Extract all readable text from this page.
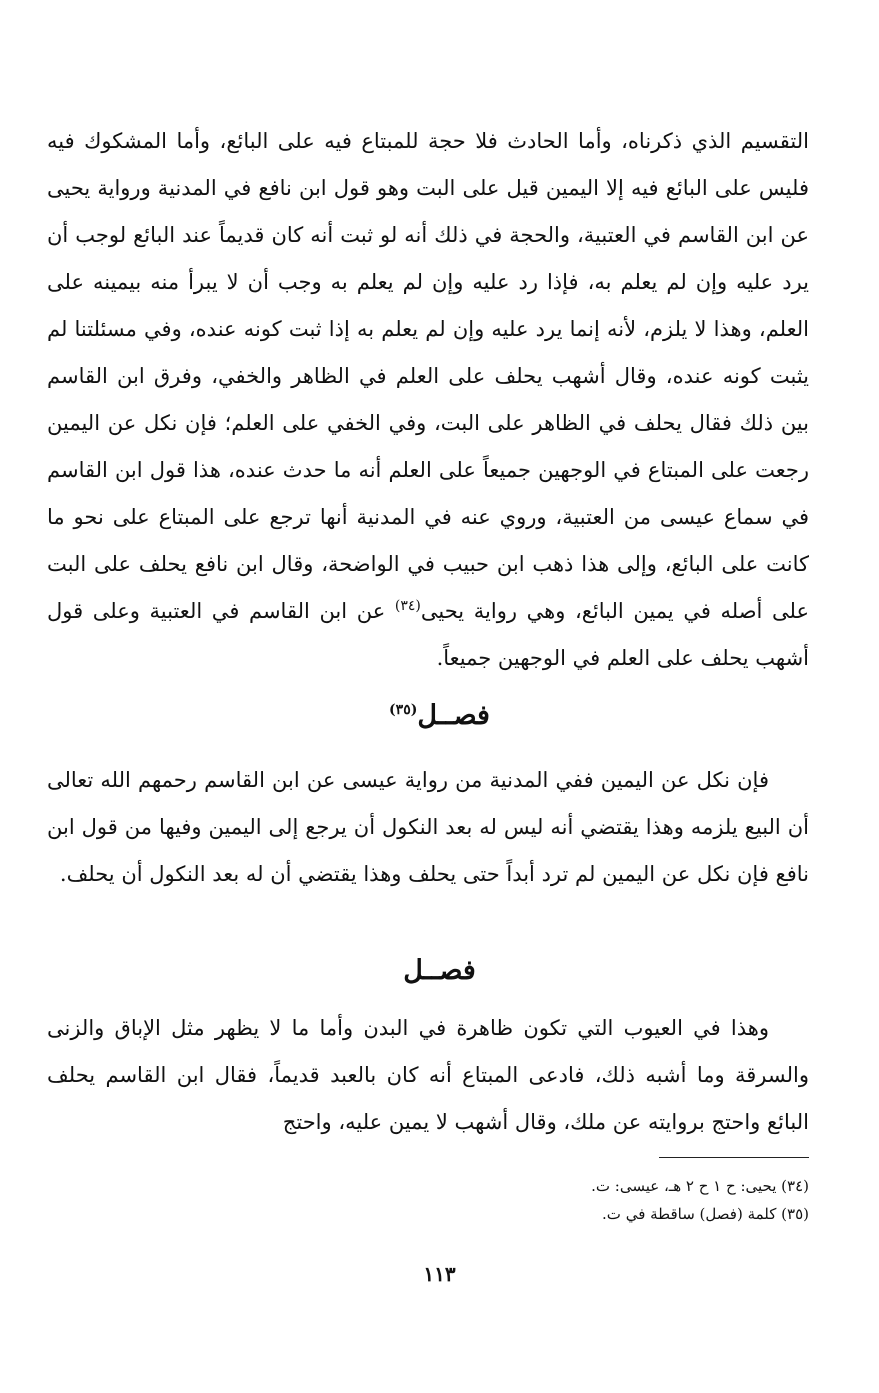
التقسيم الذي ذكرناه، وأما الحادث فلا حجة للمبتاع فيه على البائع، وأما المشكوك فيه فليس على البائع فيه إلا اليمين قيل على البت وهو قول ابن نافع في المدنية ورواية يحيى عن ابن القاسم في العتبية، والحجة في ذلك أنه لو ثبت أنه كان قديماً عند البائع لوجب أن يرد عليه وإن لم يعلم به، فإذا رد عليه وإن لم يعلم به وجب أن لا يبرأ منه بيمينه على العلم، وهذا لا يلزم، لأنه إنما يرد عليه وإن لم يعلم به إذا ثبت كونه عنده، وفي مسئلتنا لم يثبت كونه عنده، وقال أشهب يحلف على العلم في الظاهر والخفي، وفرق ابن القاسم بين ذلك فقال يحلف في الظاهر على البت، وفي الخفي على العلم؛ فإن نكل عن اليمين رجعت على المبتاع في الوجهين جميعاً على العلم أنه ما حدث عنده، هذا قول ابن القاسم في سماع عيسى من العتبية، وروي عنه في المدنية أنها ترجع على المبتاع على نحو ما كانت على البائع، وإلى هذا ذهب ابن حبيب في الواضحة، وقال ابن نافع يحلف على البت على أصله في يمين البائع، وهي رواية يحيى$^{(٣٤)}$ عن ابن القاسم في العتبية وعلى قول أشهب يحلف على العلم في الوجهين جميعاً.
فصــل$^{(٣٥)}$
فإن نكل عن اليمين ففي المدنية من رواية عيسى عن ابن القاسم رحمهم الله تعالى أن البيع يلزمه وهذا يقتضي أنه ليس له بعد النكول أن يرجع إلى اليمين وفيها من قول ابن نافع فإن نكل عن اليمين لم ترد أبداً حتى يحلف وهذا يقتضي أن له بعد النكول أن يحلف.
فصــل
وهذا في العيوب التي تكون ظاهرة في البدن وأما ما لا يظهر مثل الإباق والزنى والسرقة وما أشبه ذلك، فادعى المبتاع أنه كان بالعبد قديماً، فقال ابن القاسم يحلف البائع واحتج بروايته عن ملك، وقال أشهب لا يمين عليه، واحتج
(٣٤) يحيى: ح ١ ح ٢ هـ، عيسى: ت.
(٣٥) كلمة (فصل) ساقطة في ت.
١١٣
